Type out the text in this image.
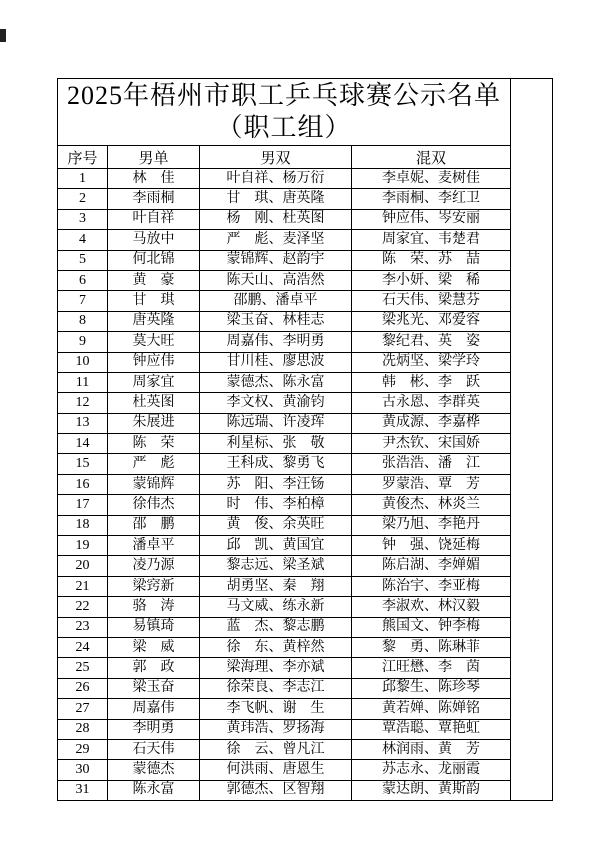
2025年梧州市职工乒乓球赛公示名单
（职工组）			

序号	男单	男双	混双
1	林　佳	叶自祥、杨万衍	李卓妮、麦树佳
2	李雨桐	甘　琪、唐英隆	李雨桐、李红卫
3	叶自祥	杨　刚、杜英图	钟应伟、岑安丽
4	马放中	严　彪、麦泽坚	周家宜、韦楚君
5	何北锦	蒙锦辉、赵韵宇	陈　荣、苏　喆
6	黄　豪	陈天山、高浩然	李小妍、梁　稀
7	甘　琪	邵鹏、潘卓平	石天伟、梁慧芬
8	唐英隆	梁玉奋、林桂志	梁兆光、邓爱容
9	莫大旺	周嘉伟、李明勇	黎纪君、英　姿
10	钟应伟	甘川桂、廖思波	冼炳坚、梁学玲
11	周家宜	蒙德杰、陈永富	韩　彬、李　跃
12	杜英图	李文权、黄渝钧	古永恩、李群英
13	朱展进	陈远瑞、许凌珲	黄成源、李嘉桦
14	陈　荣	利星标、张　敬	尹杰钦、宋国娇
15	严　彪	王科成、黎勇飞	张浩浩、潘　江
16	蒙锦辉	苏　阳、李汪钖	罗蒙浩、覃　芳
17	徐伟杰	时　伟、李柏樟	黄俊杰、林炎兰
18	邵　鹏	黄　俊、余英旺	梁乃旭、李艳丹
19	潘卓平	邱　凯、黄国宜	钟　强、饶延梅
20	凌乃源	黎志远、梁圣斌	陈启湖、李婵媚
21	梁窍新	胡勇坚、秦　翔	陈治宇、李亚梅
22	骆　涛	马文威、练永新	李淑欢、林汉毅
23	易镇琦	蓝　杰、黎志鹏	熊国文、钟李梅
24	梁　威	徐　东、黄梓然	黎　勇、陈琳菲
25	郭　政	梁海理、李亦斌	江旺懋、李　茵
26	梁玉奋	徐荣良、李志江	邱黎生、陈珍琴
27	周嘉伟	李飞帆、谢　生	黄若婵、陈婵铭
28	李明勇	黄玮浩、罗扬海	覃浩聪、覃艳虹
29	石天伟	徐　云、曾凡江	林润雨、黄　芳
30	蒙德杰	何洪雨、唐恩生	苏志永、龙丽霞
31	陈永富	郭德杰、区智翔	蒙达朗、黄斯韵
